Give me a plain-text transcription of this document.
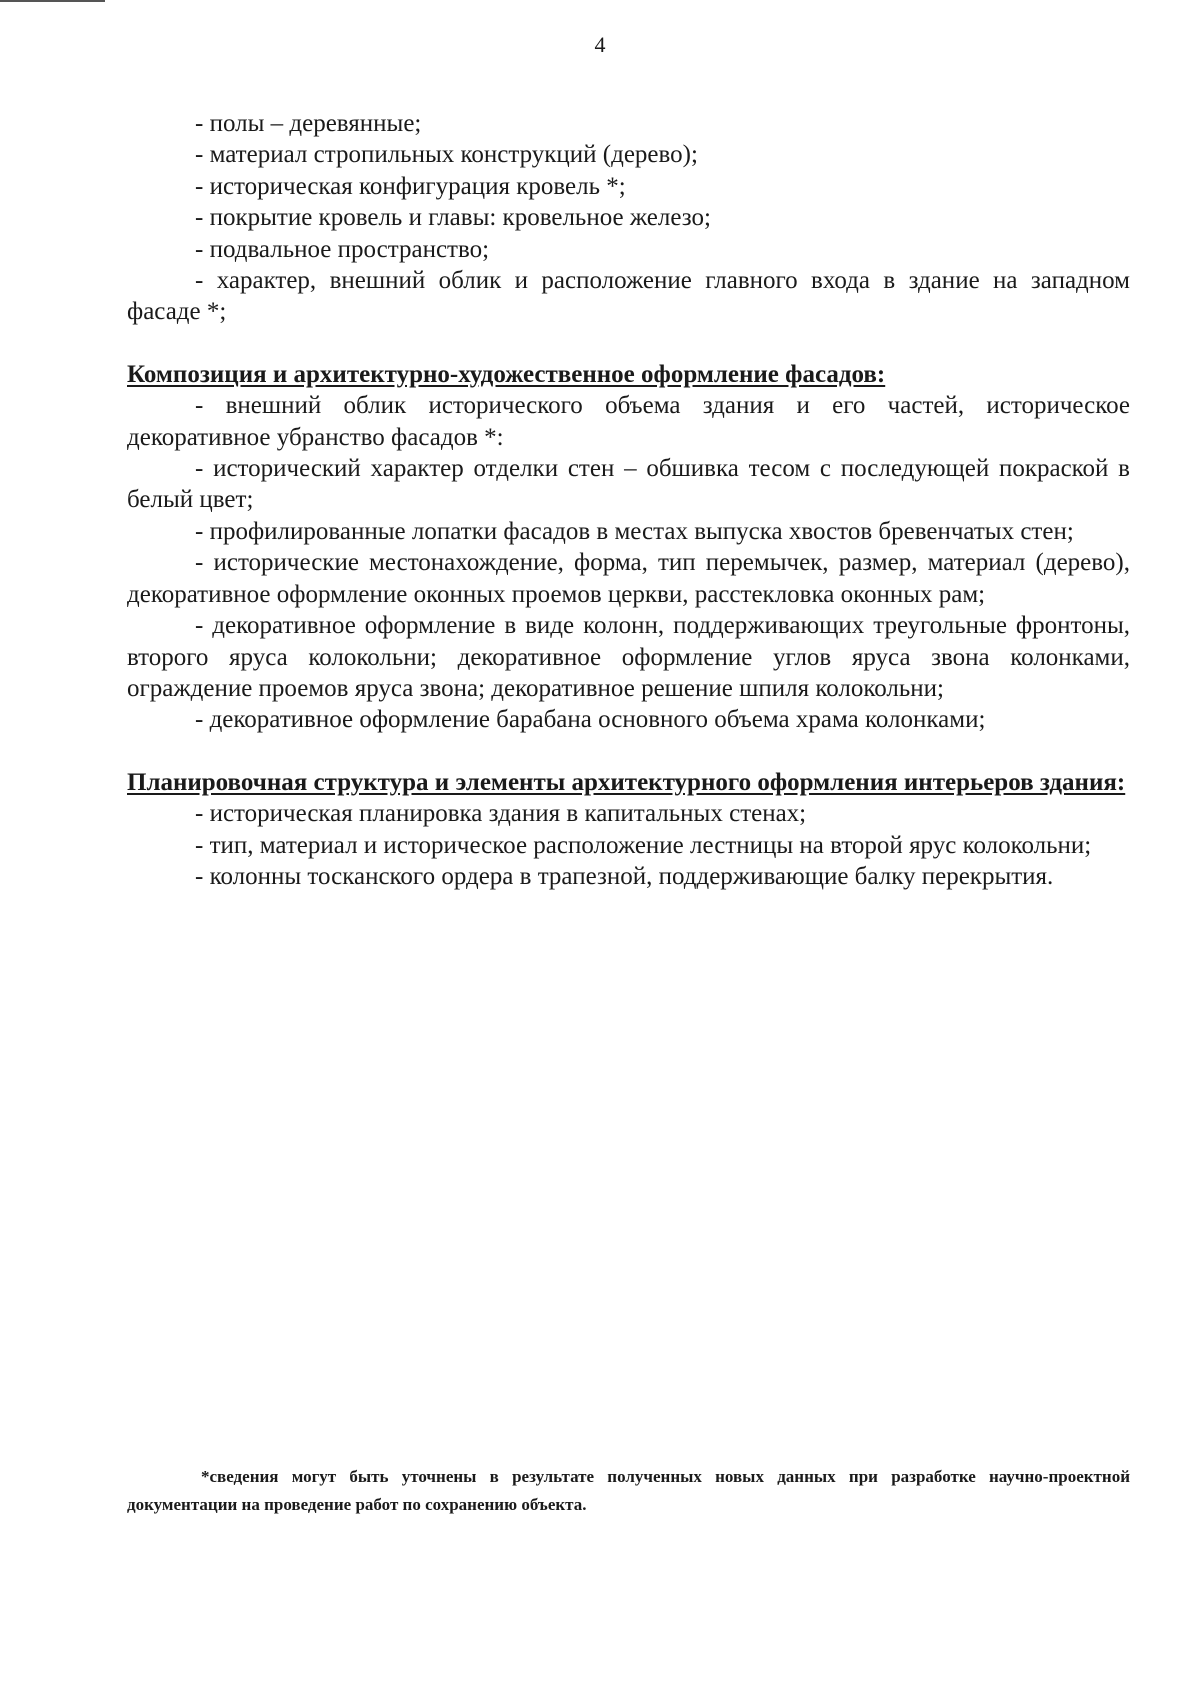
4

- полы – деревянные;

- материал стропильных конструкций (дерево);

- историческая конфигурация кровель *;

- покрытие кровель и главы: кровельное железо;

- подвальное пространство;

- характер, внешний облик и расположение главного входа в здание на западном фасаде *;

Композиция и архитектурно-художественное оформление фасадов:

- внешний облик исторического объема здания и его частей, историческое декоративное убранство фасадов *:

- исторический характер отделки стен – обшивка тесом с последующей покраской в белый цвет;

- профилированные лопатки фасадов в местах выпуска хвостов бревенчатых стен;

- исторические местонахождение, форма, тип перемычек, размер, материал (дерево), декоративное оформление оконных проемов церкви, расстекловка оконных рам;

- декоративное оформление в виде колонн, поддерживающих треугольные фронтоны, второго яруса колокольни; декоративное оформление углов яруса звона колонками, ограждение проемов яруса звона; декоративное решение шпиля колокольни;

- декоративное оформление барабана основного объема храма колонками;

Планировочная структура и элементы архитектурного оформления интерьеров здания:

- историческая планировка здания в капитальных стенах;

- тип, материал и историческое расположение лестницы на второй ярус колокольни;

- колонны тосканского ордера в трапезной, поддерживающие балку перекрытия.

*сведения могут быть уточнены в результате полученных новых данных при разработке научно-проектной документации на проведение работ по сохранению объекта.
